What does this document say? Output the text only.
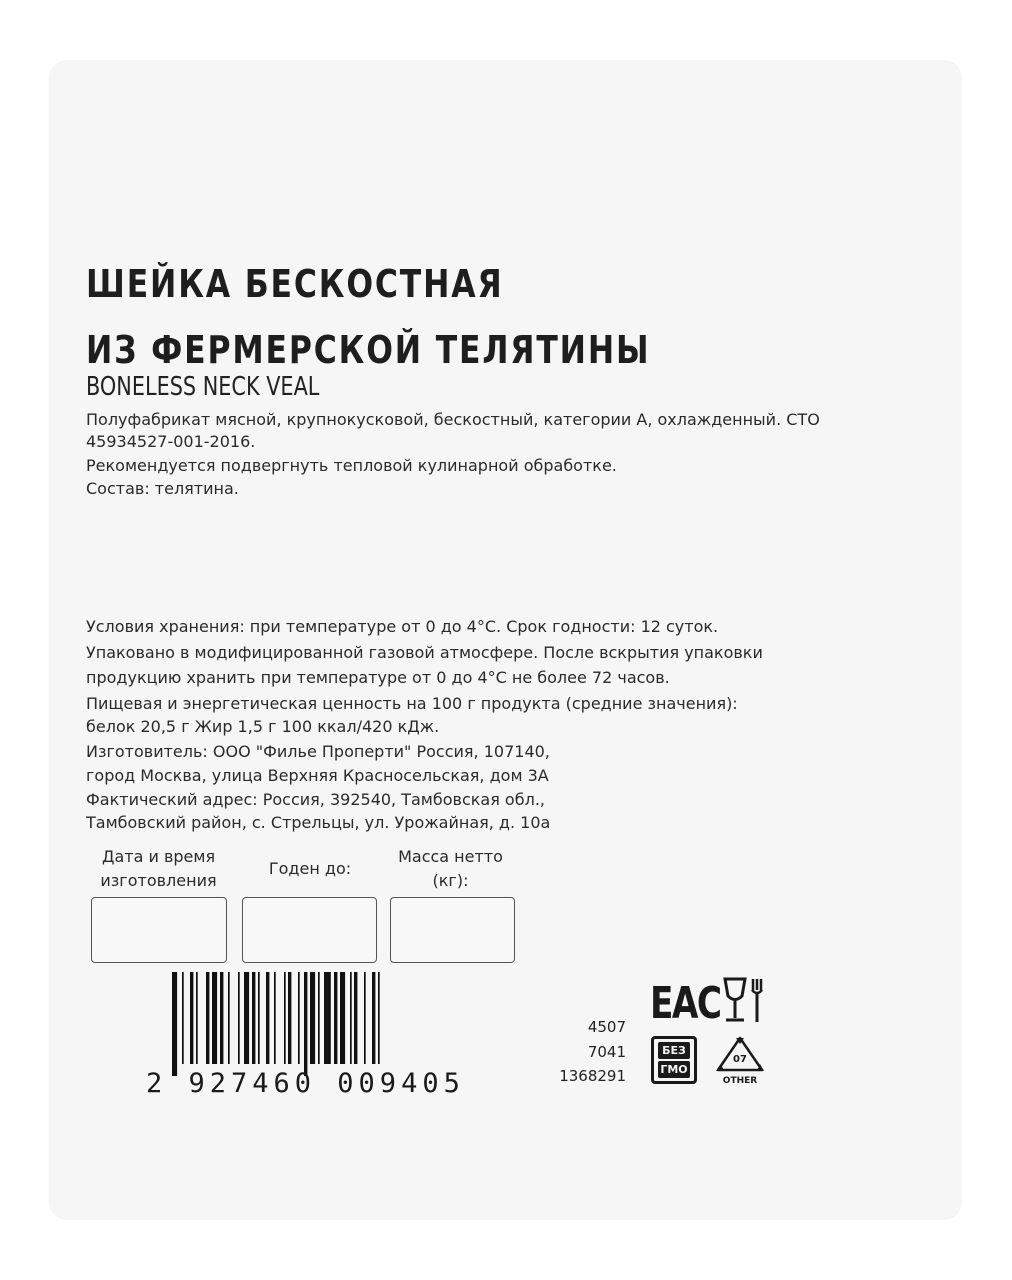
ШЕЙКА БЕСКОСТНАЯ
ИЗ ФЕРМЕРСКОЙ ТЕЛЯТИНЫ
BONELESS NECK VEAL
Полуфабрикат мясной, крупнокусковой, бескостный, категории А, охлажденный. СТО
45934527-001-2016.
Рекомендуется подвергнуть тепловой кулинарной обработке.
Состав: телятина.
Условия хранения: при температуре от 0 до 4°С. Срок годности: 12 суток.
Упаковано в модифицированной газовой атмосфере. После вскрытия упаковки
продукцию хранить при температуре от 0 до 4°С не более 72 часов.
Пищевая и энергетическая ценность на 100 г продукта (средние значения):
белок 20,5 г Жир 1,5 г 100 ккал/420 кДж.
Изготовитель: ООО "Филье Проперти" Россия, 107140,
город Москва, улица Верхняя Красносельская, дом 3А
Фактический адрес: Россия, 392540, Тамбовская обл.,
Тамбовский район, с. Стрельцы, ул. Урожайная, д. 10а
Дата и время изготовления
Годен до:
Масса нетто (кг):
2 927460 009405
4507
7041
1368291
EAC
БЕЗ
ГМО
07
OTHER
